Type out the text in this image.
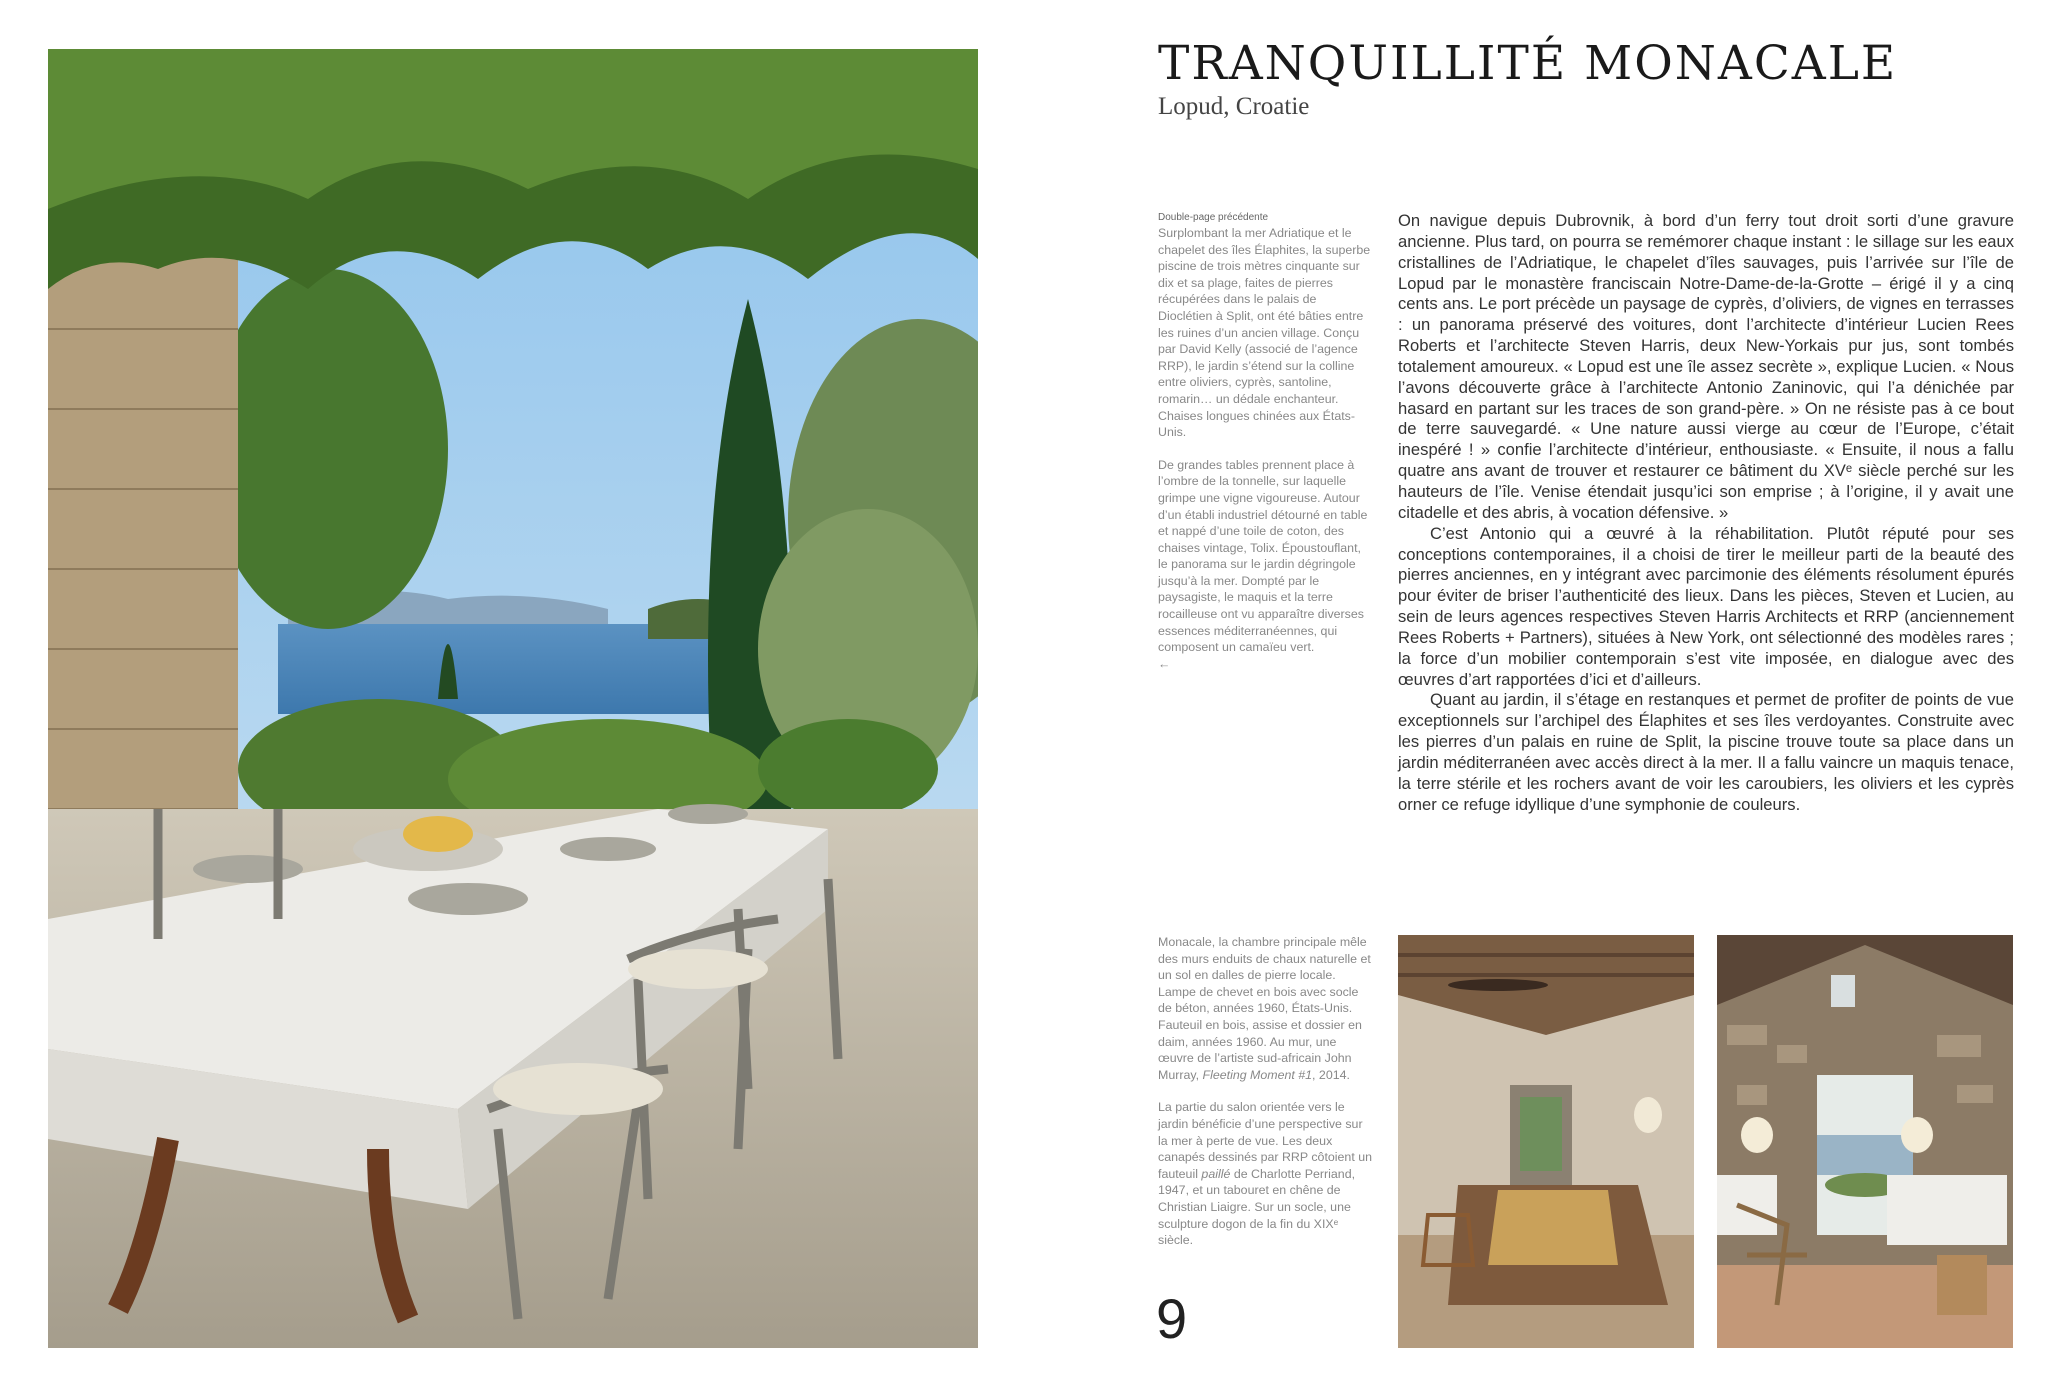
TRANQUILLITÉ MONACALE
Lopud, Croatie
Double-page précédente

Surplombant la mer Adriatique et le chapelet des îles Élaphites, la superbe piscine de trois mètres cinquante sur dix et sa plage, faites de pierres récupérées dans le palais de Dioclétien à Split, ont été bâties entre les ruines d’un ancien village. Conçu par David Kelly (associé de l’agence RRP), le jardin s’étend sur la colline entre oliviers, cyprès, santoline, romarin… un dédale enchanteur. Chaises longues chinées aux États-Unis.

De grandes tables prennent place à l’ombre de la tonnelle, sur laquelle grimpe une vigne vigoureuse. Autour d’un établi industriel détourné en table et nappé d’une toile de coton, des chaises vintage, Tolix. Époustouflant, le panorama sur le jardin dégringole jusqu’à la mer. Dompté par le paysagiste, le maquis et la terre rocailleuse ont vu apparaître diverses essences méditerranéennes, qui composent un camaïeu vert.
←

On navigue depuis Dubrovnik, à bord d’un ferry tout droit sorti d’une gravure ancienne. Plus tard, on pourra se remémorer chaque instant : le sillage sur les eaux cristallines de l’Adriatique, le chapelet d’îles sauvages, puis l’arrivée sur l’île de Lopud par le monastère franciscain Notre-Dame-de-la-Grotte – érigé il y a cinq cents ans. Le port précède un paysage de cyprès, d’oliviers, de vignes en terrasses : un panorama préservé des voitures, dont l’architecte d’intérieur Lucien Rees Roberts et l’architecte Steven Harris, deux New-Yorkais pur jus, sont tombés totalement amoureux. « Lopud est une île assez secrète », explique Lucien. « Nous l’avons découverte grâce à l’architecte Antonio Zaninovic, qui l’a dénichée par hasard en partant sur les traces de son grand-père. » On ne résiste pas à ce bout de terre sauvegardé. « Une nature aussi vierge au cœur de l’Europe, c’était inespéré ! » confie l’architecte d’intérieur, enthousiaste. « Ensuite, il nous a fallu quatre ans avant de trouver et restaurer ce bâtiment du XVᵉ siècle perché sur les hauteurs de l’île. Venise étendait jusqu’ici son emprise ; à l’origine, il y avait une citadelle et des abris, à vocation défensive. »

C’est Antonio qui a œuvré à la réhabilitation. Plutôt réputé pour ses conceptions contemporaines, il a choisi de tirer le meilleur parti de la beauté des pierres anciennes, en y intégrant avec parcimonie des éléments résolument épurés pour éviter de briser l’authenticité des lieux. Dans les pièces, Steven et Lucien, au sein de leurs agences respectives Steven Harris Architects et RRP (anciennement Rees Roberts + Partners), situées à New York, ont sélectionné des modèles rares ; la force d’un mobilier contemporain s’est vite imposée, en dialogue avec des œuvres d’art rapportées d’ici et d’ailleurs.

Quant au jardin, il s’étage en restanques et permet de profiter de points de vue exceptionnels sur l’archipel des Élaphites et ses îles verdoyantes. Construite avec les pierres d’un palais en ruine de Split, la piscine trouve toute sa place dans un jardin méditerranéen avec accès direct à la mer. Il a fallu vaincre un maquis tenace, la terre stérile et les rochers avant de voir les caroubiers, les oliviers et les cyprès orner ce refuge idyllique d’une symphonie de couleurs.

Monacale, la chambre principale mêle des murs enduits de chaux naturelle et un sol en dalles de pierre locale. Lampe de chevet en bois avec socle de béton, années 1960, États-Unis. Fauteuil en bois, assise et dossier en daim, années 1960. Au mur, une œuvre de l’artiste sud-africain John Murray, Fleeting Moment #1, 2014.

La partie du salon orientée vers le jardin bénéficie d’une perspective sur la mer à perte de vue. Les deux canapés dessinés par RRP côtoient un fauteuil paillé de Charlotte Perriand, 1947, et un tabouret en chêne de Christian Liaigre. Sur un socle, une sculpture dogon de la fin du XIXᵉ siècle.

9
